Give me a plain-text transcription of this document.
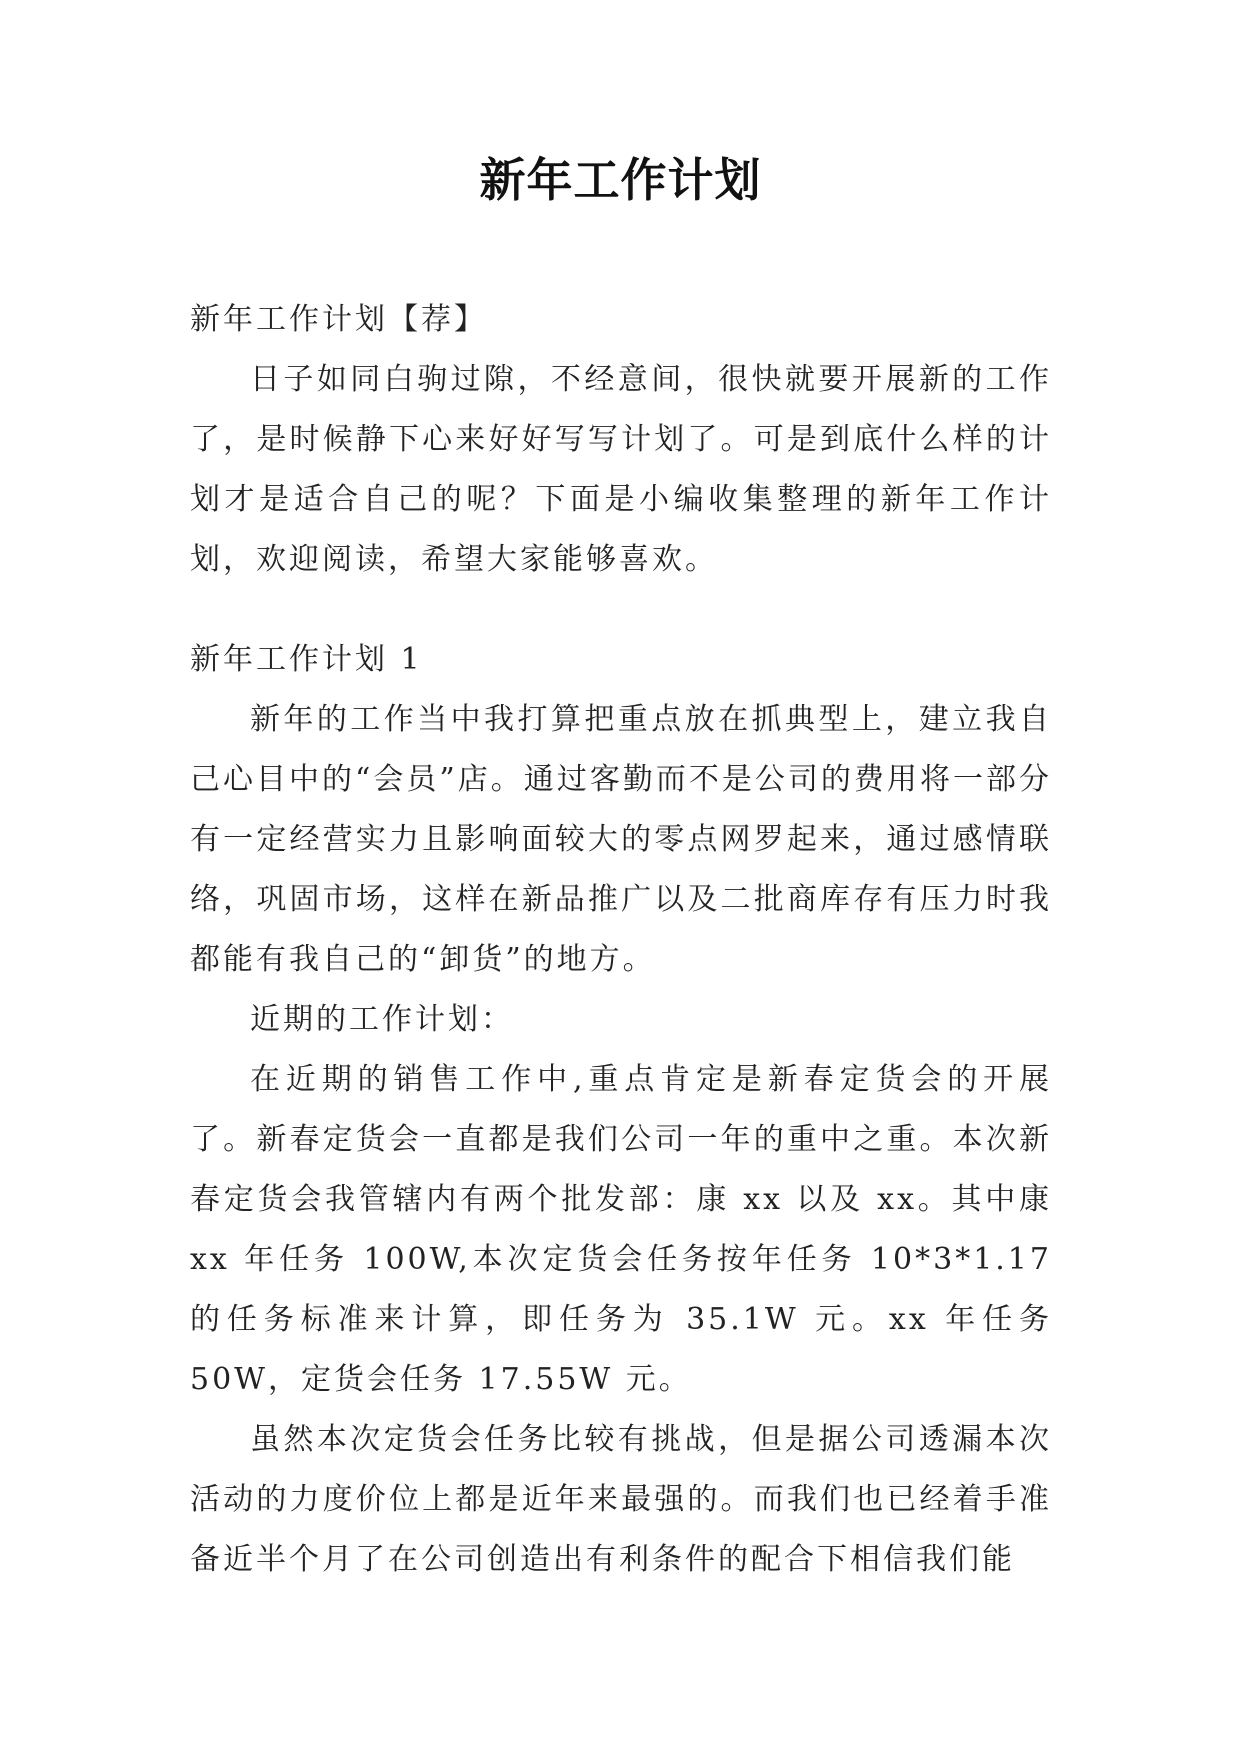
新年工作计划

新年工作计划【荐】

日子如同白驹过隙，不经意间，很快就要开展新的工作了，是时候静下心来好好写写计划了。可是到底什么样的计划才是适合自己的呢？下面是小编收集整理的新年工作计划，欢迎阅读，希望大家能够喜欢。

新年工作计划 1

新年的工作当中我打算把重点放在抓典型上，建立我自己心目中的“会员”店。通过客勤而不是公司的费用将一部分有一定经营实力且影响面较大的零点网罗起来，通过感情联络，巩固市场，这样在新品推广以及二批商库存有压力时我都能有我自己的“卸货”的地方。

近期的工作计划：

在近期的销售工作中,重点肯定是新春定货会的开展了。新春定货会一直都是我们公司一年的重中之重。本次新春定货会我管辖内有两个批发部：康 xx 以及 xx。其中康 xx 年任务 100W,本次定货会任务按年任务 10*3*1.17 的任务标准来计算，即任务为 35.1W 元。xx 年任务 50W，定货会任务 17.55W 元。

虽然本次定货会任务比较有挑战，但是据公司透漏本次活动的力度价位上都是近年来最强的。而我们也已经着手准备近半个月了在公司创造出有利条件的配合下相信我们能
